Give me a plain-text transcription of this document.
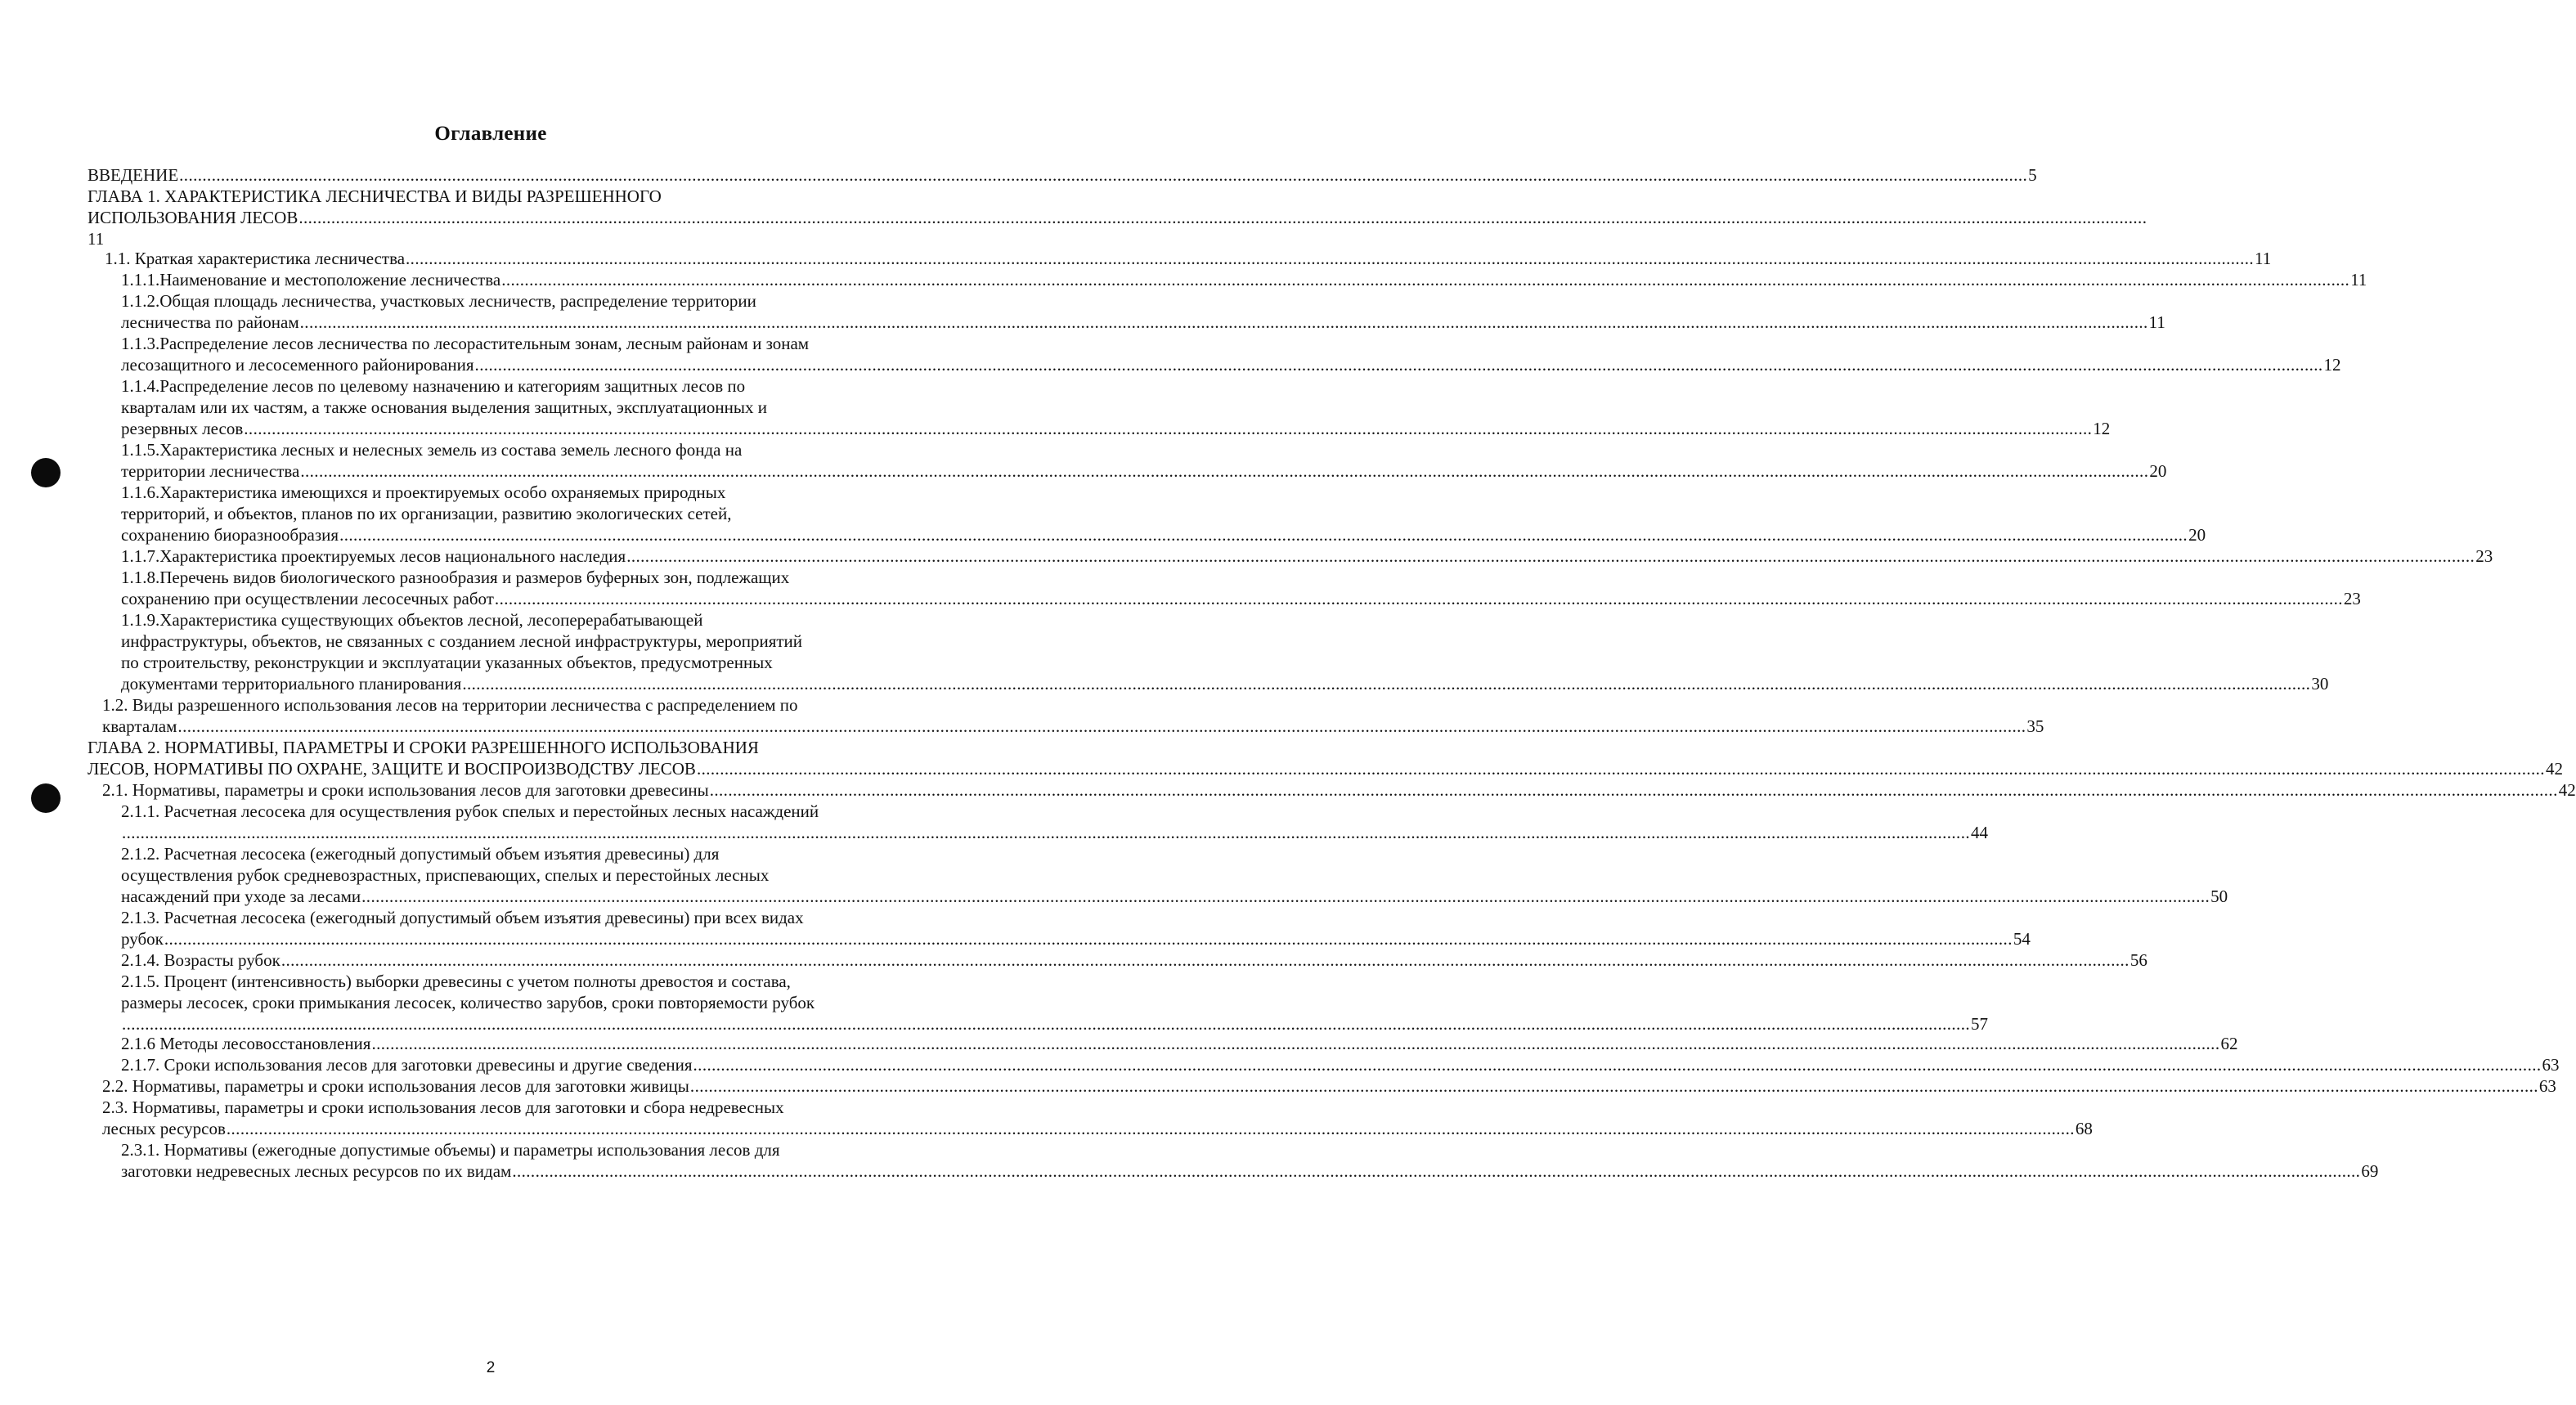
Оглавление
ВВЕДЕНИЕ ................................................................................................................................................................................................................................................................................................................................................................................................................ 5
ГЛАВА 1. ХАРАКТЕРИСТИКА ЛЕСНИЧЕСТВА И ВИДЫ РАЗРЕШЕННОГО
ИСПОЛЬЗОВАНИЯ ЛЕСОВ ................................................................................................................................................................................................................................................................................................................................................................................................................
11
1.1. Краткая характеристика лесничества ................................................................................................................................................................................................................................................................................................................................................................................................................ 11
1.1.1.Наименование и местоположение лесничества ................................................................................................................................................................................................................................................................................................................................................................................................................ 11
1.1.2.Общая площадь лесничества, участковых лесничеств, распределение территории
лесничества по районам ................................................................................................................................................................................................................................................................................................................................................................................................................ 11
1.1.3.Распределение лесов лесничества по лесорастительным зонам, лесным районам и зонам
лесозащитного и лесосеменного районирования ................................................................................................................................................................................................................................................................................................................................................................................................................ 12
1.1.4.Распределение лесов по целевому назначению и категориям защитных лесов по
кварталам или их частям, а также основания выделения защитных, эксплуатационных и
резервных лесов ................................................................................................................................................................................................................................................................................................................................................................................................................ 12
1.1.5.Характеристика лесных и нелесных земель из состава земель лесного фонда на
территории лесничества ................................................................................................................................................................................................................................................................................................................................................................................................................ 20
1.1.6.Характеристика имеющихся и проектируемых особо охраняемых природных
территорий, и объектов, планов по их организации, развитию экологических сетей,
сохранению биоразнообразия ................................................................................................................................................................................................................................................................................................................................................................................................................ 20
1.1.7.Характеристика проектируемых лесов национального наследия ................................................................................................................................................................................................................................................................................................................................................................................................................ 23
1.1.8.Перечень видов биологического разнообразия и размеров буферных зон, подлежащих
сохранению при осуществлении лесосечных работ ................................................................................................................................................................................................................................................................................................................................................................................................................ 23
1.1.9.Характеристика существующих объектов лесной, лесоперерабатывающей
инфраструктуры, объектов, не связанных с созданием лесной инфраструктуры, мероприятий
по строительству, реконструкции и эксплуатации указанных объектов, предусмотренных
документами территориального планирования ................................................................................................................................................................................................................................................................................................................................................................................................................ 30
1.2. Виды разрешенного использования лесов на территории лесничества с распределением по
кварталам ................................................................................................................................................................................................................................................................................................................................................................................................................ 35
ГЛАВА 2. НОРМАТИВЫ, ПАРАМЕТРЫ И СРОКИ РАЗРЕШЕННОГО ИСПОЛЬЗОВАНИЯ
ЛЕСОВ, НОРМАТИВЫ ПО ОХРАНЕ, ЗАЩИТЕ И ВОСПРОИЗВОДСТВУ ЛЕСОВ ................................................................................................................................................................................................................................................................................................................................................................................................................ 42
2.1. Нормативы, параметры и сроки использования лесов для заготовки древесины ................................................................................................................................................................................................................................................................................................................................................................................................................ 42
2.1.1. Расчетная лесосека для осуществления рубок спелых и перестойных лесных насаждений
................................................................................................................................................................................................................................................................................................................................................................................................................ 44
2.1.2. Расчетная лесосека (ежегодный допустимый объем изъятия древесины) для
осуществления рубок средневозрастных, приспевающих, спелых и перестойных лесных
насаждений при уходе за лесами ................................................................................................................................................................................................................................................................................................................................................................................................................ 50
2.1.3. Расчетная лесосека (ежегодный допустимый объем изъятия древесины) при всех видах
рубок ................................................................................................................................................................................................................................................................................................................................................................................................................ 54
2.1.4. Возрасты рубок ................................................................................................................................................................................................................................................................................................................................................................................................................ 56
2.1.5. Процент (интенсивность) выборки древесины с учетом полноты древостоя и состава,
размеры лесосек, сроки примыкания лесосек, количество зарубов, сроки повторяемости рубок
................................................................................................................................................................................................................................................................................................................................................................................................................ 57
2.1.6 Методы лесовосстановления ................................................................................................................................................................................................................................................................................................................................................................................................................ 62
2.1.7. Сроки использования лесов для заготовки древесины и другие сведения ................................................................................................................................................................................................................................................................................................................................................................................................................ 63
2.2. Нормативы, параметры и сроки использования лесов для заготовки живицы ................................................................................................................................................................................................................................................................................................................................................................................................................ 63
2.3. Нормативы, параметры и сроки использования лесов для заготовки и сбора недревесных
лесных ресурсов ................................................................................................................................................................................................................................................................................................................................................................................................................ 68
2.3.1. Нормативы (ежегодные допустимые объемы) и параметры использования лесов для
заготовки недревесных лесных ресурсов по их видам ................................................................................................................................................................................................................................................................................................................................................................................................................ 69
2
